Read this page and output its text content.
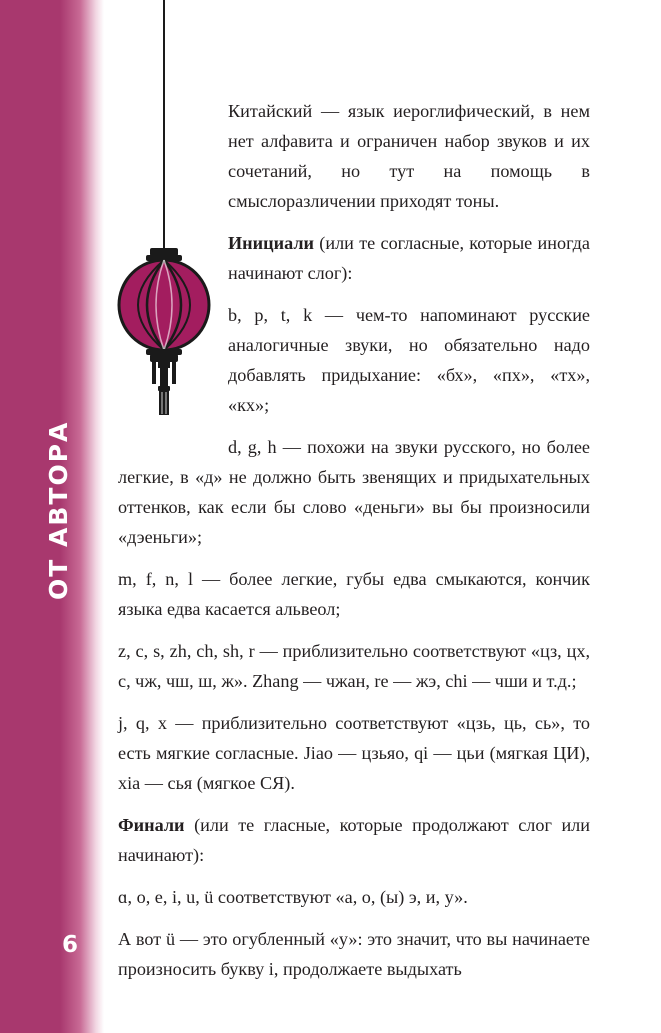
ОТ АВТОРА
6

Китайский — язык иероглифический, в нем нет алфавита и ограничен набор звуков и их сочетаний, но тут на помощь в смыслоразличении приходят тоны.

Инициали (или те согласные, которые иногда начинают слог):

b, p, t, k — чем-то напоминают русские аналогичные звуки, но обязательно надо добавлять придыхание: «бх», «пх», «тх», «кх»;

d, g, h — похожи на звуки русского, но более легкие, в «д» не должно быть звенящих и придыхательных оттенков, как если бы слово «деньги» вы бы произносили «дэеньги»;

m, f, n, l — более легкие, губы едва смыкаются, кончик языка едва касается альвеол;

z, c, s, zh, ch, sh, r — приблизительно соответствуют «цз, цх, с, чж, чш, ш, ж». Zhang — чжан, re — жэ, chi — чши и т.д.;

j, q, x — приблизительно соответствуют «цзь, ць, сь», то есть мягкие согласные. Jiao — цзьяо, qi — цьи (мягкая ЦИ), xia — сья (мягкое СЯ).

Финали (или те гласные, которые продолжают слог или начинают):

ɑ, o, e, i, u, ü соответствуют «а, о, (ы) э, и, у».

А вот ü — это огубленный «у»: это значит, что вы начинаете произносить букву i, продолжаете выдыхать
